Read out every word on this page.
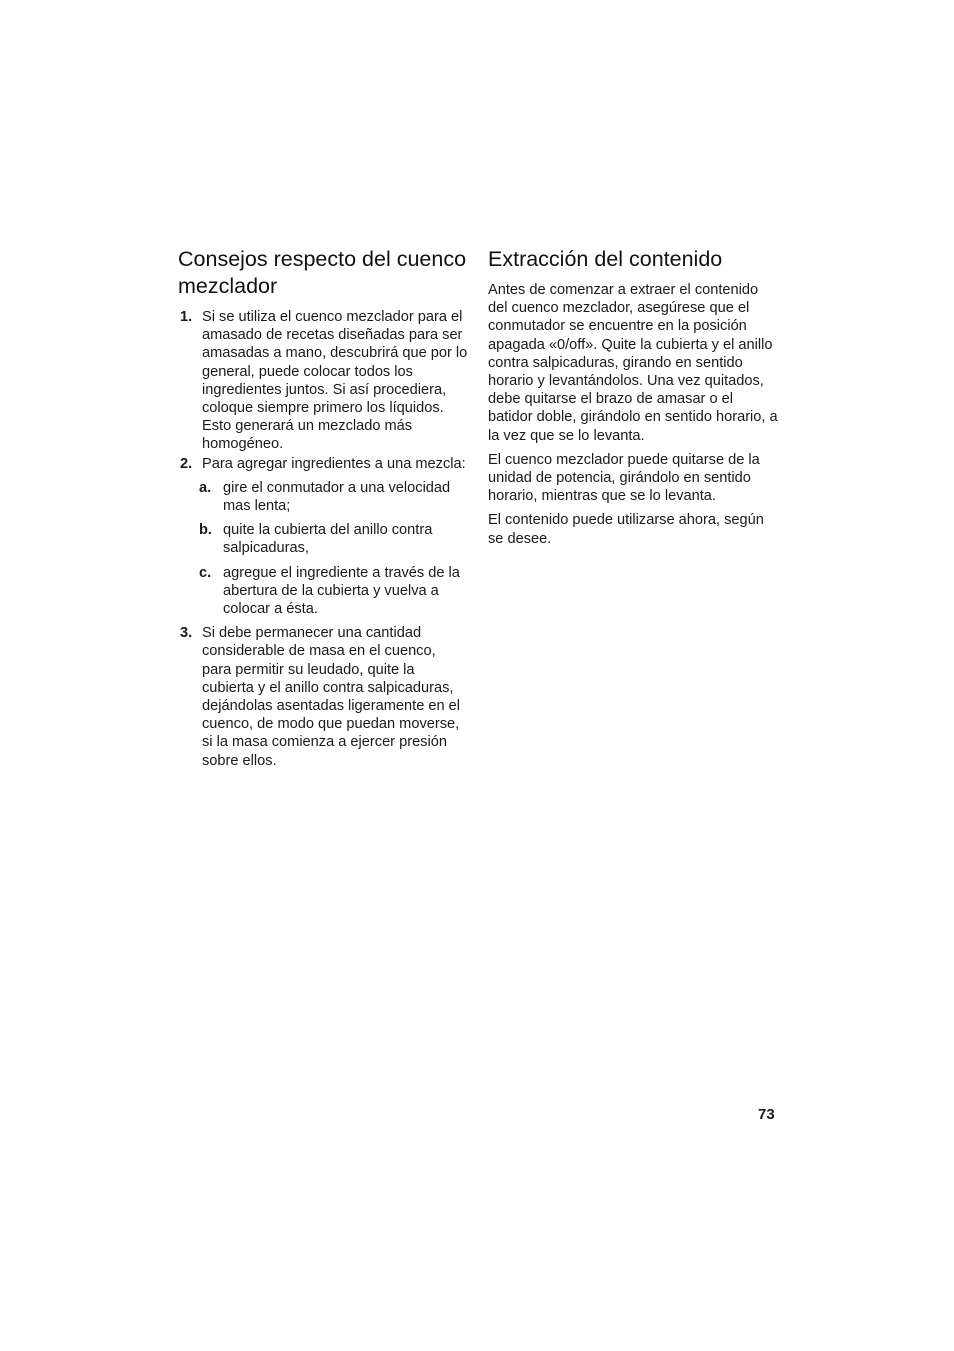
Consejos respecto del cuenco mezclador
1. Si se utiliza el cuenco mezclador para el amasado de recetas diseñadas para ser amasadas a mano, descubrirá que por lo general, puede colocar todos los ingredientes juntos. Si así procediera, coloque siempre primero los líquidos. Esto generará un mezclado más homogéneo.
2. Para agregar ingredientes a una mezcla:
a. gire el conmutador a una velocidad mas lenta;
b. quite la cubierta del anillo contra salpicaduras,
c. agregue el ingrediente a través de la abertura de la cubierta y vuelva a colocar a ésta.
3. Si debe permanecer una cantidad considerable de masa en el cuenco, para permitir su leudado, quite la cubierta y el anillo contra salpicaduras, dejándolas asentadas ligeramente en el cuenco, de modo que puedan moverse, si la masa comienza a ejercer presión sobre ellos.
Extracción del contenido

Antes de comenzar a extraer el contenido del cuenco mezclador, asegúrese que el conmutador se encuentre en la posición apagada «0/off». Quite la cubierta y el anillo contra salpicaduras, girando en sentido horario y levantándolos. Una vez quitados, debe quitarse el brazo de amasar o el batidor doble, girándolo en sentido horario, a la vez que se lo levanta.

El cuenco mezclador puede quitarse de la unidad de potencia, girándolo en sentido horario, mientras que se lo levanta.

El contenido puede utilizarse ahora, según se desee.

73
